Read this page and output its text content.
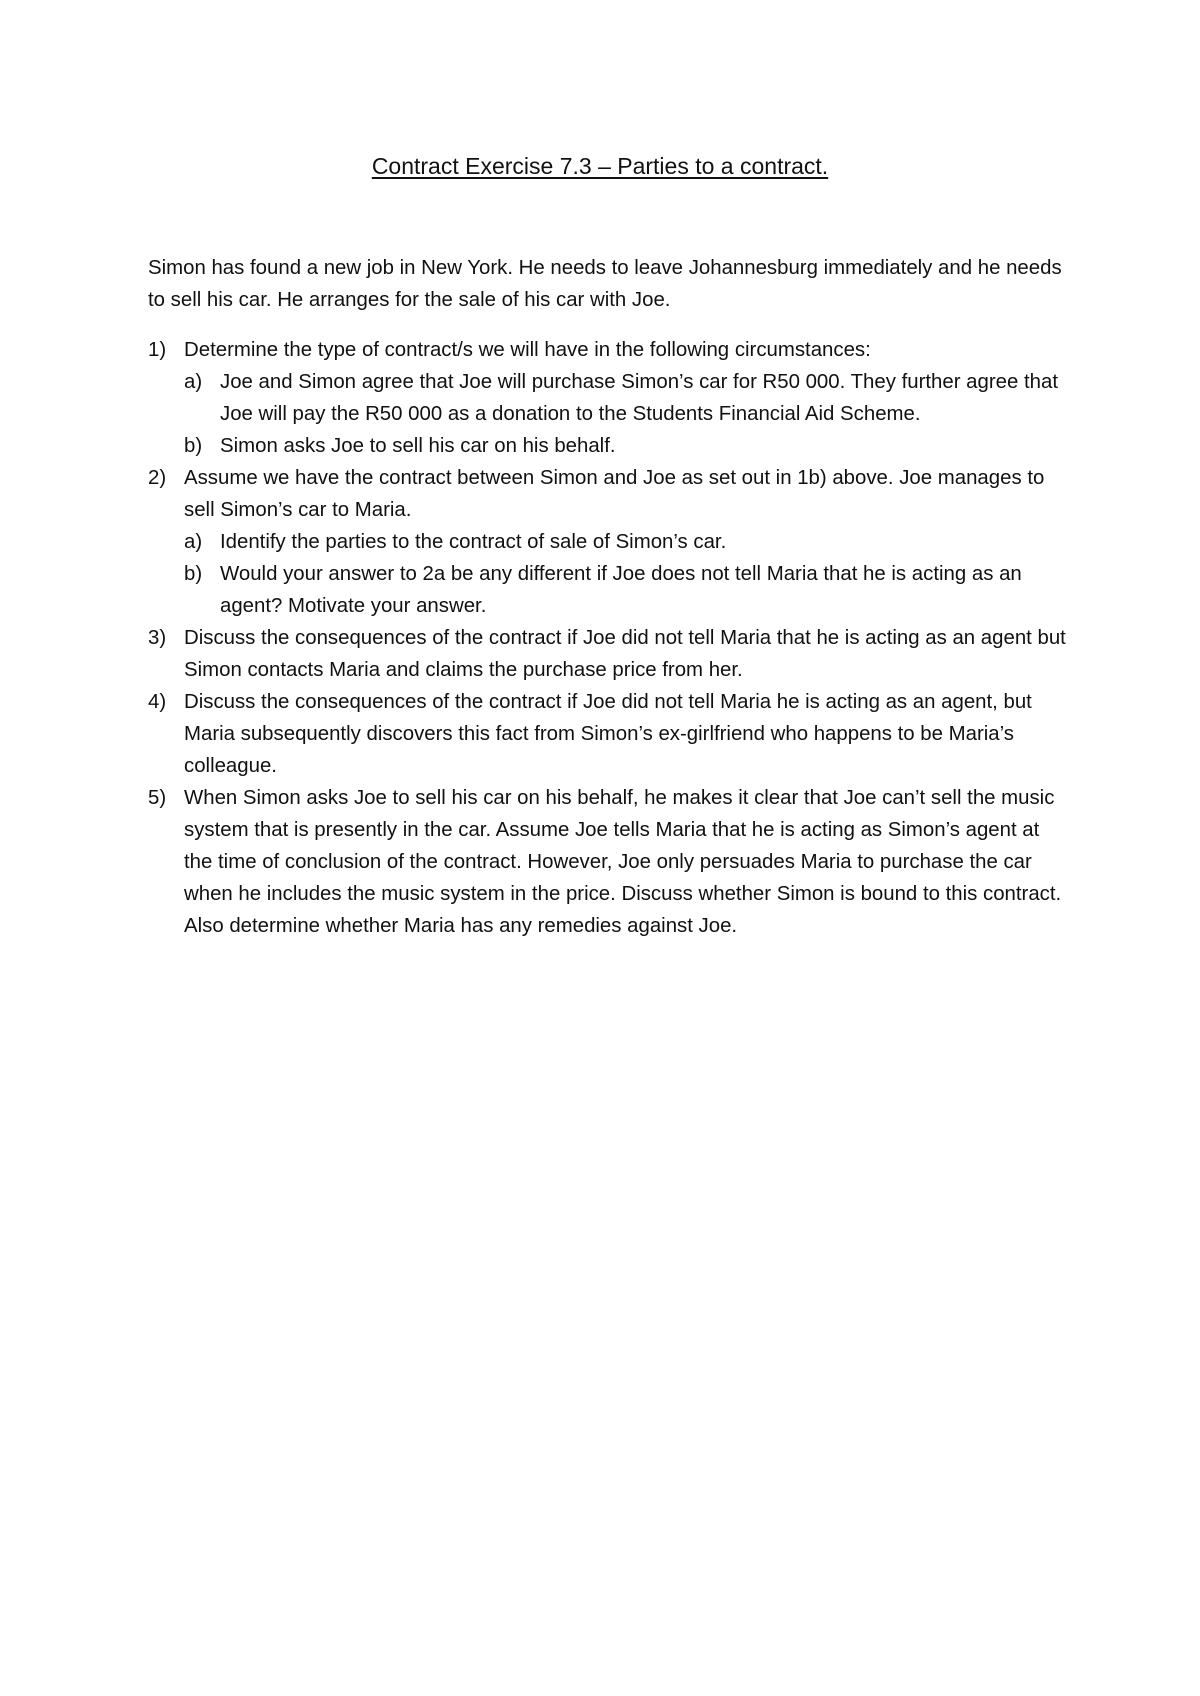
Contract Exercise 7.3 – Parties to a contract.

Simon has found a new job in New York. He needs to leave Johannesburg immediately and he needs to sell his car. He arranges for the sale of his car with Joe.

1) Determine the type of contract/s we will have in the following circumstances:
a) Joe and Simon agree that Joe will purchase Simon’s car for R50 000. They further agree that Joe will pay the R50 000 as a donation to the Students Financial Aid Scheme.
b) Simon asks Joe to sell his car on his behalf.
2) Assume we have the contract between Simon and Joe as set out in 1b) above. Joe manages to sell Simon’s car to Maria.
a) Identify the parties to the contract of sale of Simon’s car.
b) Would your answer to 2a be any different if Joe does not tell Maria that he is acting as an agent? Motivate your answer.
3) Discuss the consequences of the contract if Joe did not tell Maria that he is acting as an agent but Simon contacts Maria and claims the purchase price from her.
4) Discuss the consequences of the contract if Joe did not tell Maria he is acting as an agent, but Maria subsequently discovers this fact from Simon’s ex-girlfriend who happens to be Maria’s colleague.
5) When Simon asks Joe to sell his car on his behalf, he makes it clear that Joe can’t sell the music system that is presently in the car. Assume Joe tells Maria that he is acting as Simon’s agent at the time of conclusion of the contract. However, Joe only persuades Maria to purchase the car when he includes the music system in the price. Discuss whether Simon is bound to this contract. Also determine whether Maria has any remedies against Joe.
